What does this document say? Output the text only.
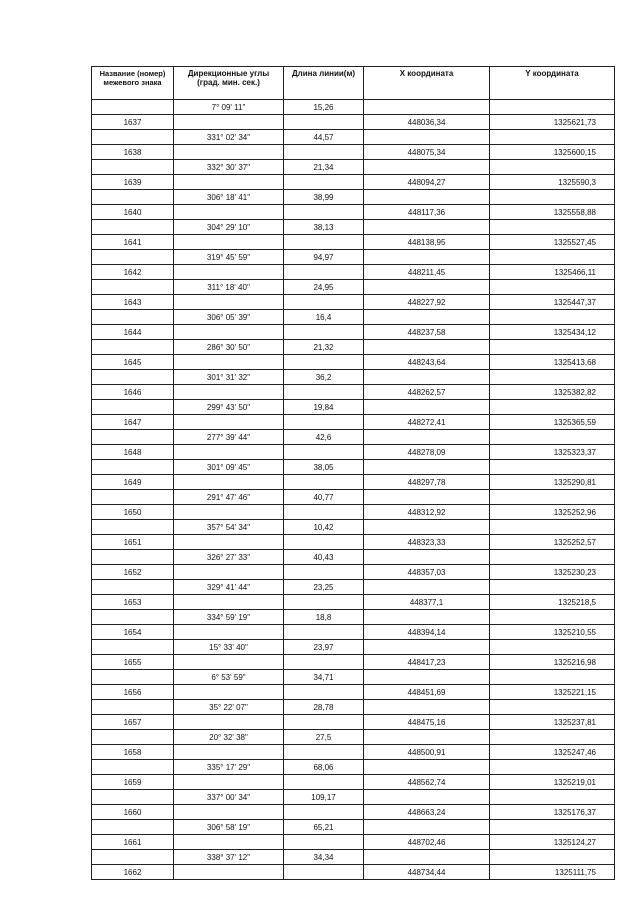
Название (номер) межевого знака	Дирекционные углы (град. мин. сек.)	Длина линии(м)	X координата	Y координата
	7° 09' 11"	15,26		
1637			448036,34	1325621,73
	331° 02' 34"	44,57		
1638			448075,34	1325600,15
	332° 30' 37"	21,34		
1639			448094,27	1325590,3
	306° 18' 41"	38,99		
1640			448117,36	1325558,88
	304° 29' 10"	38,13		
1641			448138,95	1325527,45
	319° 45' 59"	94,97		
1642			448211,45	1325466,11
	311° 18' 40"	24,95		
1643			448227,92	1325447,37
	306° 05' 39"	16,4		
1644			448237,58	1325434,12
	286° 30' 50"	21,32		
1645			448243,64	1325413,68
	301° 31' 32"	36,2		
1646			448262,57	1325382,82
	299° 43' 50"	19,84		
1647			448272,41	1325365,59
	277° 39' 44"	42,6		
1648			448278,09	1325323,37
	301° 09' 45"	38,05		
1649			448297,78	1325290,81
	291° 47' 46"	40,77		
1650			448312,92	1325252,96
	357° 54' 34"	10,42		
1651			448323,33	1325252,57
	326° 27' 33"	40,43		
1652			448357,03	1325230,23
	329° 41' 44"	23,25		
1653			448377,1	1325218,5
	334° 59' 19"	18,8		
1654			448394,14	1325210,55
	15° 33' 40"	23,97		
1655			448417,23	1325216,98
	6° 53' 59"	34,71		
1656			448451,69	1325221,15
	35° 22' 07"	28,78		
1657			448475,16	1325237,81
	20° 32' 38"	27,5		
1658			448500,91	1325247,46
	335° 17' 29"	68,06		
1659			448562,74	1325219,01
	337° 00' 34"	109,17		
1660			448663,24	1325176,37
	306° 58' 19"	65,21		
1661			448702,46	1325124,27
	338° 37' 12"	34,34		
1662			448734,44	1325111,75
